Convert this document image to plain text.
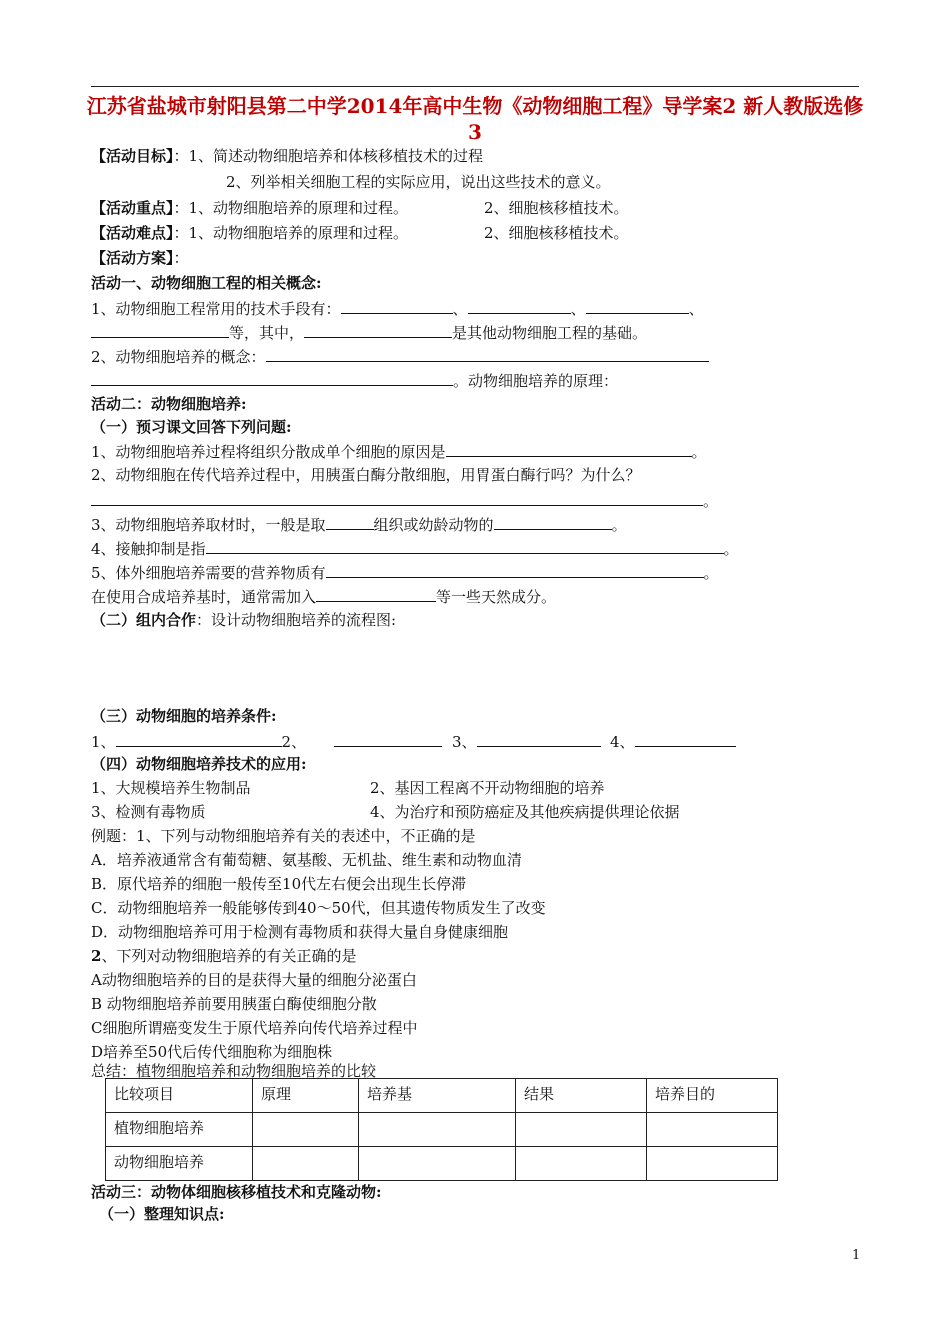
江苏省盐城市射阳县第二中学2014年高中生物《动物细胞工程》导学案2 新人教版选修3
【活动目标】：1、简述动物细胞培养和体核移植技术的过程
2、列举相关细胞工程的实际应用，说出这些技术的意义。
【活动重点】：1、动物细胞培养的原理和过程。	2、细胞核移植技术。
【活动难点】：1、动物细胞培养的原理和过程。	2、细胞核移植技术。
【活动方案】：
活动一、动物细胞工程的相关概念:
1、动物细胞工程常用的技术手段有：	、	、	、
等，其中，	是其他动物细胞工程的基础。
2、动物细胞培养的概念：
。动物细胞培养的原理：
活动二：动物细胞培养:
（一）预习课文回答下列问题:
1、动物细胞培养过程将组织分散成单个细胞的原因是	。
2、动物细胞在传代培养过程中，用胰蛋白酶分散细胞，用胃蛋白酶行吗？为什么？
。
3、动物细胞培养取材时，一般是取	组织或幼龄动物的	。
4、接触抑制是指	。
5、体外细胞培养需要的营养物质有	。
在使用合成培养基时，通常需加入	等一些天然成分。
（二）组内合作：设计动物细胞培养的流程图:
（三）动物细胞的培养条件:
1、	2、	3、	4、
（四）动物细胞培养技术的应用:
1、大规模培养生物制品	2、基因工程离不开动物细胞的培养
3、检测有毒物质	4、为治疗和预防癌症及其他疾病提供理论依据
例题：1、下列与动物细胞培养有关的表述中，不正确的是
A．培养液通常含有葡萄糖、氨基酸、无机盐、维生素和动物血清
B．原代培养的细胞一般传至10代左右便会出现生长停滞
C．动物细胞培养一般能够传到40～50代，但其遗传物质发生了改变
D．动物细胞培养可用于检测有毒物质和获得大量自身健康细胞
2、下列对动物细胞培养的有关正确的是
A动物细胞培养的目的是获得大量的细胞分泌蛋白
B 动物细胞培养前要用胰蛋白酶使细胞分散
C细胞所谓癌变发生于原代培养向传代培养过程中
D培养至50代后传代细胞称为细胞株
总结：植物细胞培养和动物细胞培养的比较
比较项目	原理	培养基	结果	培养目的
植物细胞培养				
动物细胞培养				
活动三：动物体细胞核移植技术和克隆动物:
（一）整理知识点:
1
